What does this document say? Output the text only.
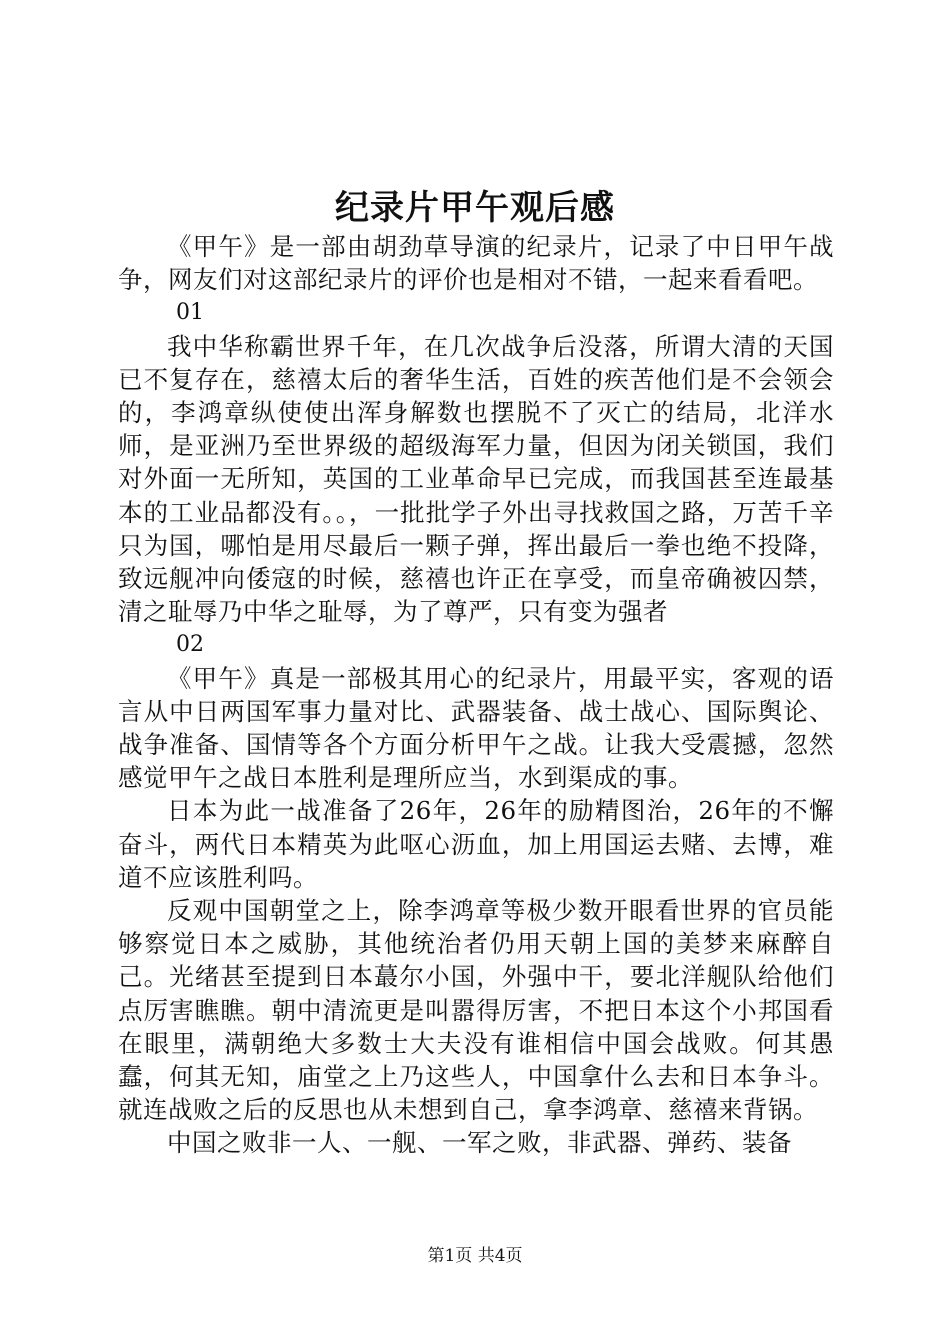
纪录片甲午观后感

《甲午》是一部由胡劲草导演的纪录片，记录了中日甲午战争，网友们对这部纪录片的评价也是相对不错，一起来看看吧。

01

我中华称霸世界千年，在几次战争后没落，所谓大清的天国已不复存在，慈禧太后的奢华生活，百姓的疾苦他们是不会领会的，李鸿章纵使使出浑身解数也摆脱不了灭亡的结局，北洋水师，是亚洲乃至世界级的超级海军力量，但因为闭关锁国，我们对外面一无所知，英国的工业革命早已完成，而我国甚至连最基本的工业品都没有。。，一批批学子外出寻找救国之路，万苦千辛只为国，哪怕是用尽最后一颗子弹，挥出最后一拳也绝不投降，致远舰冲向倭寇的时候，慈禧也许正在享受，而皇帝确被囚禁，清之耻辱乃中华之耻辱，为了尊严，只有变为强者

02

《甲午》真是一部极其用心的纪录片，用最平实，客观的语言从中日两国军事力量对比、武器装备、战士战心、国际舆论、战争准备、国情等各个方面分析甲午之战。让我大受震撼，忽然感觉甲午之战日本胜利是理所应当，水到渠成的事。

日本为此一战准备了26年，26年的励精图治，26年的不懈奋斗，两代日本精英为此呕心沥血，加上用国运去赌、去博，难道不应该胜利吗。

反观中国朝堂之上，除李鸿章等极少数开眼看世界的官员能够察觉日本之威胁，其他统治者仍用天朝上国的美梦来麻醉自己。光绪甚至提到日本蕞尔小国，外强中干，要北洋舰队给他们点厉害瞧瞧。朝中清流更是叫嚣得厉害，不把日本这个小邦国看在眼里，满朝绝大多数士大夫没有谁相信中国会战败。何其愚蠢，何其无知，庙堂之上乃这些人，中国拿什么去和日本争斗。就连战败之后的反思也从未想到自己，拿李鸿章、慈禧来背锅。

中国之败非一人、一舰、一军之败，非武器、弹药、装备

第1页 共4页
